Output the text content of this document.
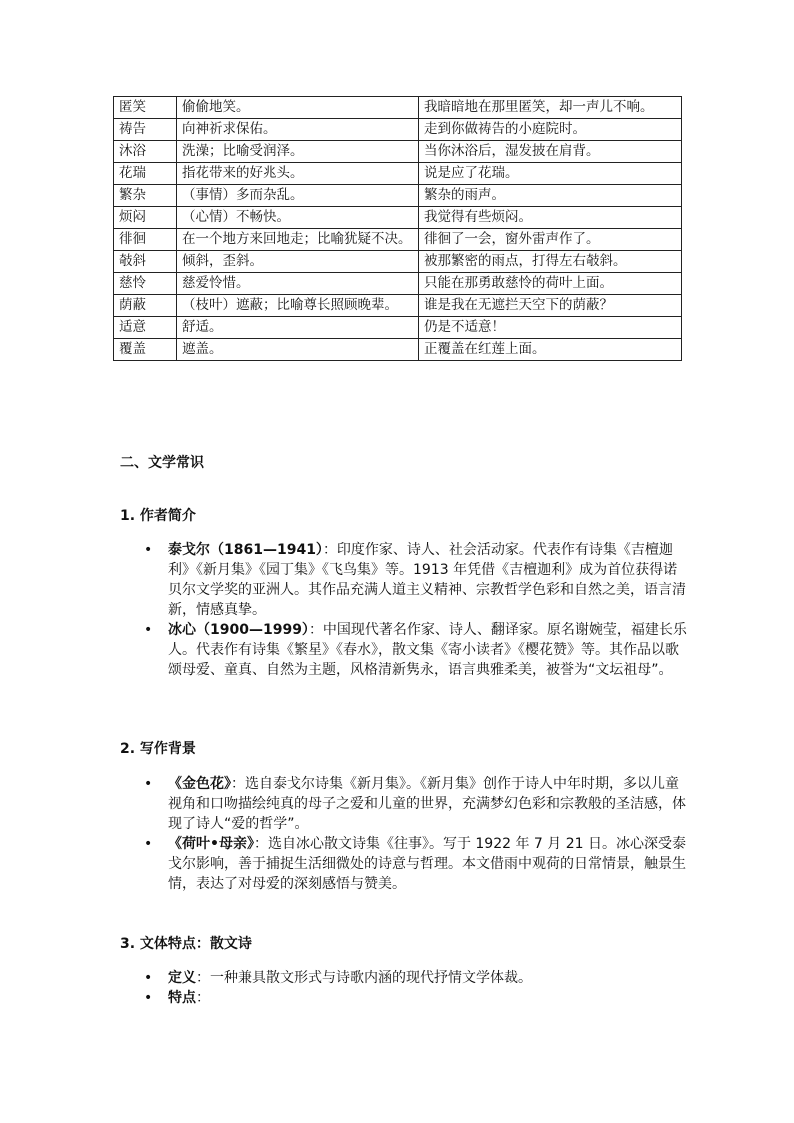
匿笑	偷偷地笑。	我暗暗地在那里匿笑，却一声儿不响。
祷告	向神祈求保佑。	走到你做祷告的小庭院时。
沐浴	洗澡；比喻受润泽。	当你沐浴后，湿发披在肩背。
花瑞	指花带来的好兆头。	说是应了花瑞。
繁杂	（事情）多而杂乱。	繁杂的雨声。
烦闷	（心情）不畅快。	我觉得有些烦闷。
徘徊	在一个地方来回地走；比喻犹疑不决。	徘徊了一会，窗外雷声作了。
攲斜	倾斜，歪斜。	被那繁密的雨点，打得左右攲斜。
慈怜	慈爱怜惜。	只能在那勇敢慈怜的荷叶上面。
荫蔽	（枝叶）遮蔽；比喻尊长照顾晚辈。	谁是我在无遮拦天空下的荫蔽？
适意	舒适。	仍是不适意！
覆盖	遮盖。	正覆盖在红莲上面。
二、文学常识
1. 作者简介
• 泰戈尔（1861—1941）：印度作家、诗人、社会活动家。代表作有诗集《吉檀迦利》《新月集》《园丁集》《飞鸟集》等。1913 年凭借《吉檀迦利》成为首位获得诺贝尔文学奖的亚洲人。其作品充满人道主义精神、宗教哲学色彩和自然之美，语言清新，情感真挚。
• 冰心（1900—1999）：中国现代著名作家、诗人、翻译家。原名谢婉莹，福建长乐人。代表作有诗集《繁星》《春水》，散文集《寄小读者》《樱花赞》等。其作品以歌颂母爱、童真、自然为主题，风格清新隽永，语言典雅柔美，被誉为“文坛祖母”。
2. 写作背景
• 《金色花》：选自泰戈尔诗集《新月集》。《新月集》创作于诗人中年时期，多以儿童视角和口吻描绘纯真的母子之爱和儿童的世界，充满梦幻色彩和宗教般的圣洁感，体现了诗人“爱的哲学”。
• 《荷叶•母亲》：选自冰心散文诗集《往事》。写于 1922 年 7 月 21 日。冰心深受泰戈尔影响，善于捕捉生活细微处的诗意与哲理。本文借雨中观荷的日常情景，触景生情，表达了对母爱的深刻感悟与赞美。
3. 文体特点：散文诗
• 定义：一种兼具散文形式与诗歌内涵的现代抒情文学体裁。
• 特点：
